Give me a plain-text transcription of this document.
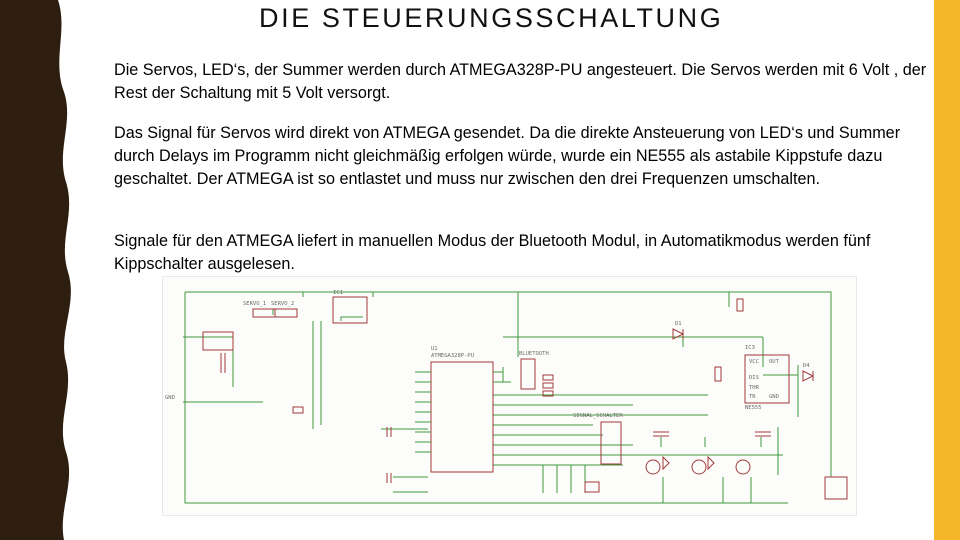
DIE STEUERUNGSSCHALTUNG

Die Servos, LED‘s, der Summer werden durch ATMEGA328P-PU angesteuert. Die Servos werden mit 6 Volt , der Rest der Schaltung mit 5 Volt versorgt.

Das Signal für Servos wird direkt von ATMEGA gesendet. Da die direkte Ansteuerung von LED‘s und Summer durch Delays im Programm nicht gleichmäßig erfolgen würde, wurde ein NE555 als astabile Kippstufe dazu geschaltet. Der ATMEGA ist so entlastet und muss nur zwischen den drei Frequenzen umschalten.

Signale für den ATMEGA liefert in manuellen Modus der Bluetooth Modul, in Automatikmodus werden fünf Kippschalter ausgelesen.

U1
ATMEGA328P-PU
IC3
NE555
VCC OUT
DIS
THR
TR GND
IC1
SERVO_1 SERVO_2
BLUETOOTH
SIGNAL_SCHALTER
D1
D4
GND
